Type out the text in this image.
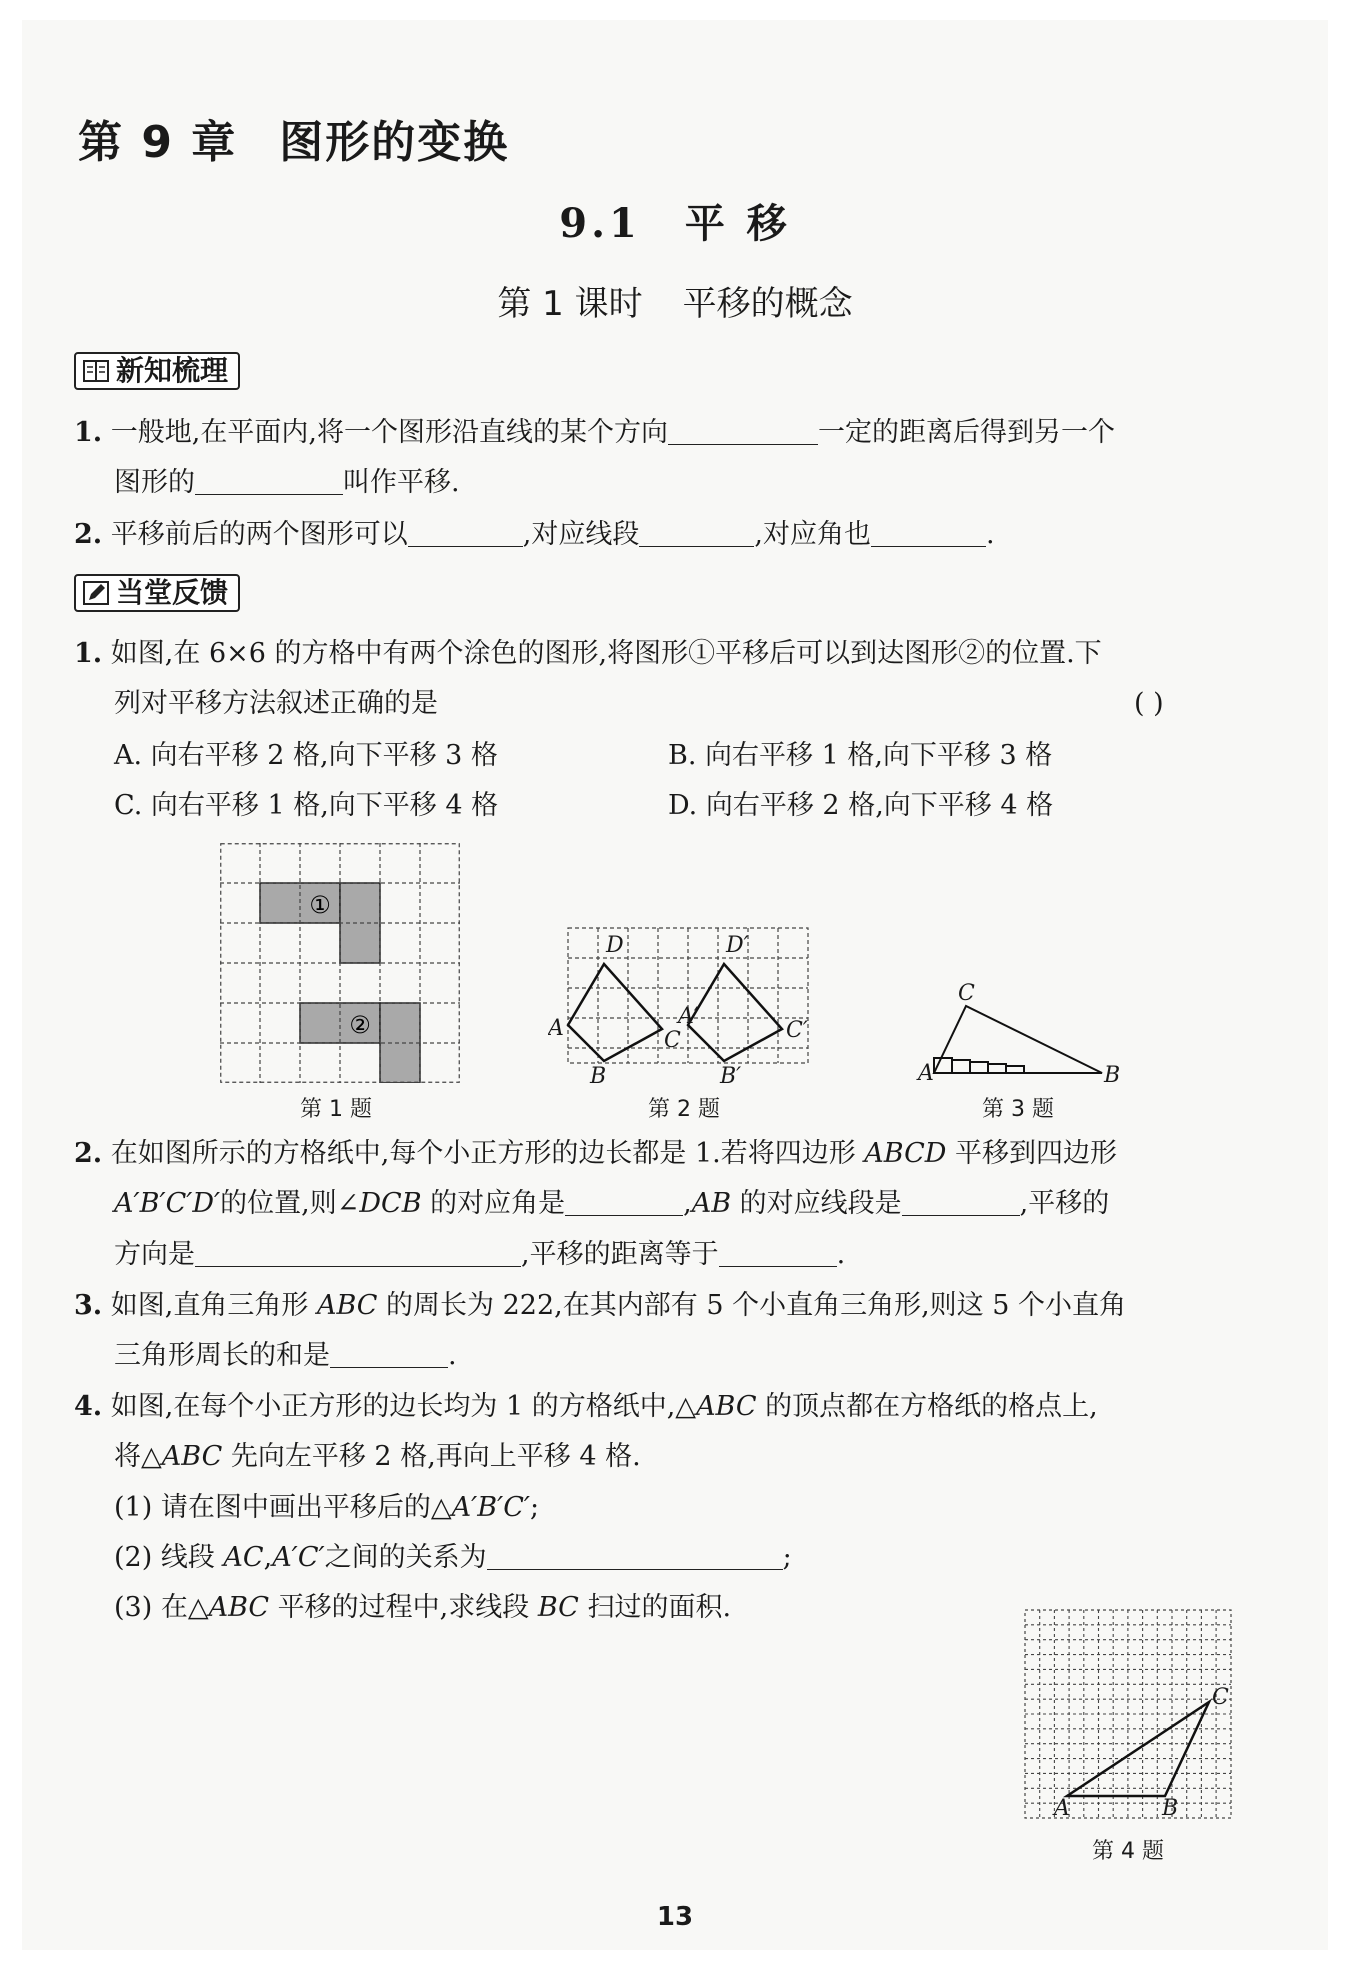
第 9 章 图形的变换
9.1 平 移
第 1 课时 平移的概念
新知梳理
1. 一般地,在平面内,将一个图形沿直线的某个方向	一定的距离后得到另一个
图形的	叫作平移.
2. 平移前后的两个图形可以	,对应线段	,对应角也	.
当堂反馈
1. 如图,在 6×6 的方格中有两个涂色的图形,将图形①平移后可以到达图形②的位置.下
列对平移方法叙述正确的是	( )
A. 向右平移 2 格,向下平移 3 格	B. 向右平移 1 格,向下平移 3 格
C. 向右平移 1 格,向下平移 4 格	D. 向右平移 2 格,向下平移 4 格
①
②
第 1 题
D
A
B
C
D′
A′
B′
C′
第 2 题
C
A	B
第 3 题
2. 在如图所示的方格纸中,每个小正方形的边长都是 1.若将四边形 ABCD 平移到四边形
A′B′C′D′的位置,则∠DCB 的对应角是	,AB 的对应线段是	,平移的
方向是	,平移的距离等于	.
3. 如图,直角三角形 ABC 的周长为 222,在其内部有 5 个小直角三角形,则这 5 个小直角
三角形周长的和是	.
4. 如图,在每个小正方形的边长均为 1 的方格纸中,△ABC 的顶点都在方格纸的格点上,
将△ABC 先向左平移 2 格,再向上平移 4 格.
(1) 请在图中画出平移后的△A′B′C′;
(2) 线段 AC,A′C′之间的关系为	;
(3) 在△ABC 平移的过程中,求线段 BC 扫过的面积.
A	B
C
第 4 题
13
